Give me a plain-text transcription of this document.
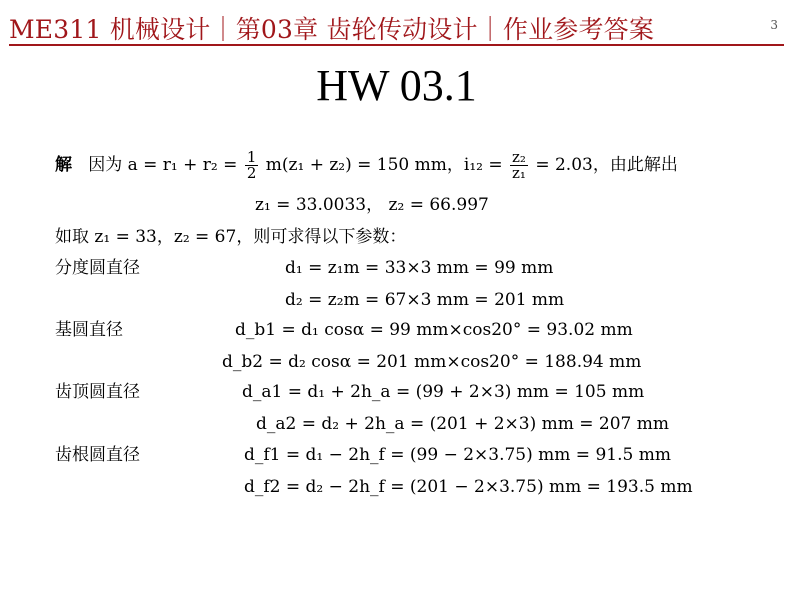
ME311 机械设计｜第03章 齿轮传动设计｜作业参考答案	3
HW 03.1
解 因为 $a = r_1 + r_2 = \frac{1}{2} m(z_1 + z_2) = 150$ mm，$i_{12} = \frac{\text{z₂}}{\text{z₁}} = 2.03$，由此解出
z₁ = 33.0033， z₂ = 66.997
如取 z₁ = 33，z₂ = 67，则可求得以下参数：
分度圆直径	d₁ = z₁m = 33×3 mm = 99 mm
d₂ = z₂m = 67×3 mm = 201 mm
基圆直径	d_b1 = d₁ cosα = 99 mm×cos20° = 93.02 mm
d_b2 = d₂ cosα = 201 mm×cos20° = 188.94 mm
齿顶圆直径	d_a1 = d₁ + 2h_a = (99 + 2×3) mm = 105 mm
d_a2 = d₂ + 2h_a = (201 + 2×3) mm = 207 mm
齿根圆直径	d_f1 = d₁ − 2h_f = (99 − 2×3.75) mm = 91.5 mm
d_f2 = d₂ − 2h_f = (201 − 2×3.75) mm = 193.5 mm
